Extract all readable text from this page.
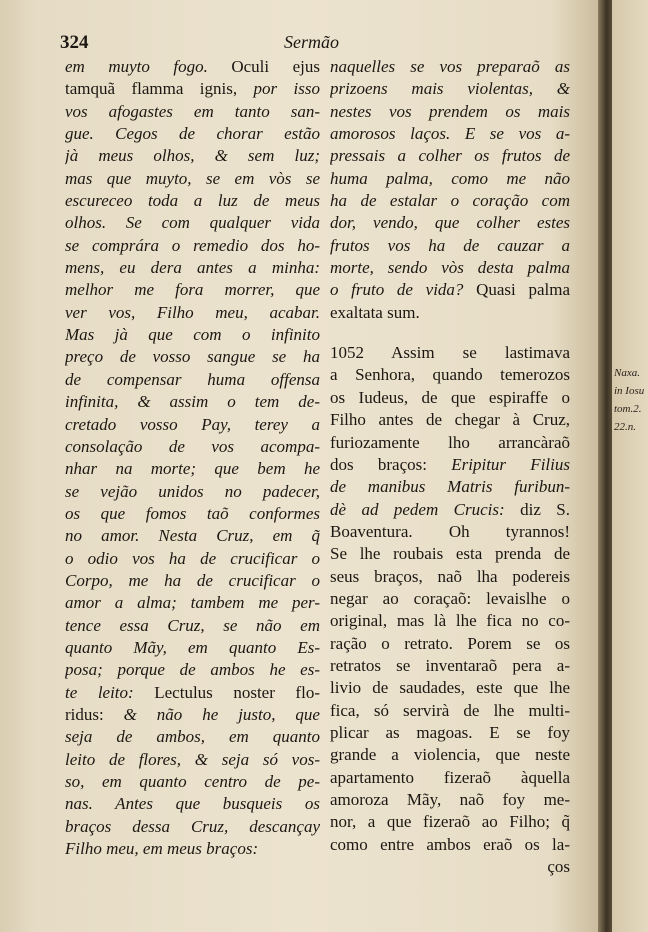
324	Sermão
em muyto fogo. Oculi ejus
tamquã flamma ignis, por isso
vos afogastes em tanto san-
gue. Cegos de chorar estão
jà meus olhos, & sem luz;
mas que muyto, se em vòs se
escureceo toda a luz de meus
olhos. Se com qualquer vida
se comprára o remedio dos ho-
mens, eu dera antes a minha:
melhor me fora morrer, que
ver vos, Filho meu, acabar.
Mas jà que com o infinito
preço de vosso sangue se ha
de compensar huma offensa
infinita, & assim o tem de-
cretado vosso Pay, terey a
consolação de vos acompa-
nhar na morte; que bem he
se vejão unidos no padecer,
os que fomos taõ conformes
no amor. Nesta Cruz, em q̃
o odio vos ha de crucificar o
Corpo, me ha de crucificar o
amor a alma; tambem me per-
tence essa Cruz, se não em
quanto Mãy, em quanto Es-
posa; porque de ambos he es-
te leito: Lectulus noster flo-
ridus: & não he justo, que
seja de ambos, em quanto
leito de flores, & seja só vos-
so, em quanto centro de pe-
nas. Antes que busqueis os
braços dessa Cruz, descançay
Filho meu, em meus braços:
naquelles se vos preparaõ as
prizoens mais violentas, &
nestes vos prendem os mais
amorosos laços. E se vos a-
pressais a colher os frutos de
huma palma, como me não
ha de estalar o coração com
dor, vendo, que colher estes
frutos vos ha de cauzar a
morte, sendo vòs desta palma
o fruto de vida? Quasi palma
exaltata sum.
1052 Assim se lastimava
a Senhora, quando temerozos
os Iudeus, de que espiraffe o
Filho antes de chegar à Cruz,
furiozamente lho arrancàraõ
dos braços: Eripitur Filius
de manibus Matris furibun-
dè ad pedem Crucis: diz S.
Boaventura. Oh tyrannos!
Se lhe roubais esta prenda de
seus braços, naõ lha podereis
negar ao coraçaõ: levaislhe o
original, mas là lhe fica no co-
ração o retrato. Porem se os
retratos se inventaraõ pera a-
livio de saudades, este que lhe
fica, só servirà de lhe multi-
plicar as magoas. E se foy
grande a violencia, que neste
apartamento fizeraõ àquella
amoroza Mãy, naõ foy me-
nor, a que fizeraõ ao Filho; q̃
como entre ambos eraõ os la-
ços
Naxa.
in Iosu
tom.2.
22.n.
